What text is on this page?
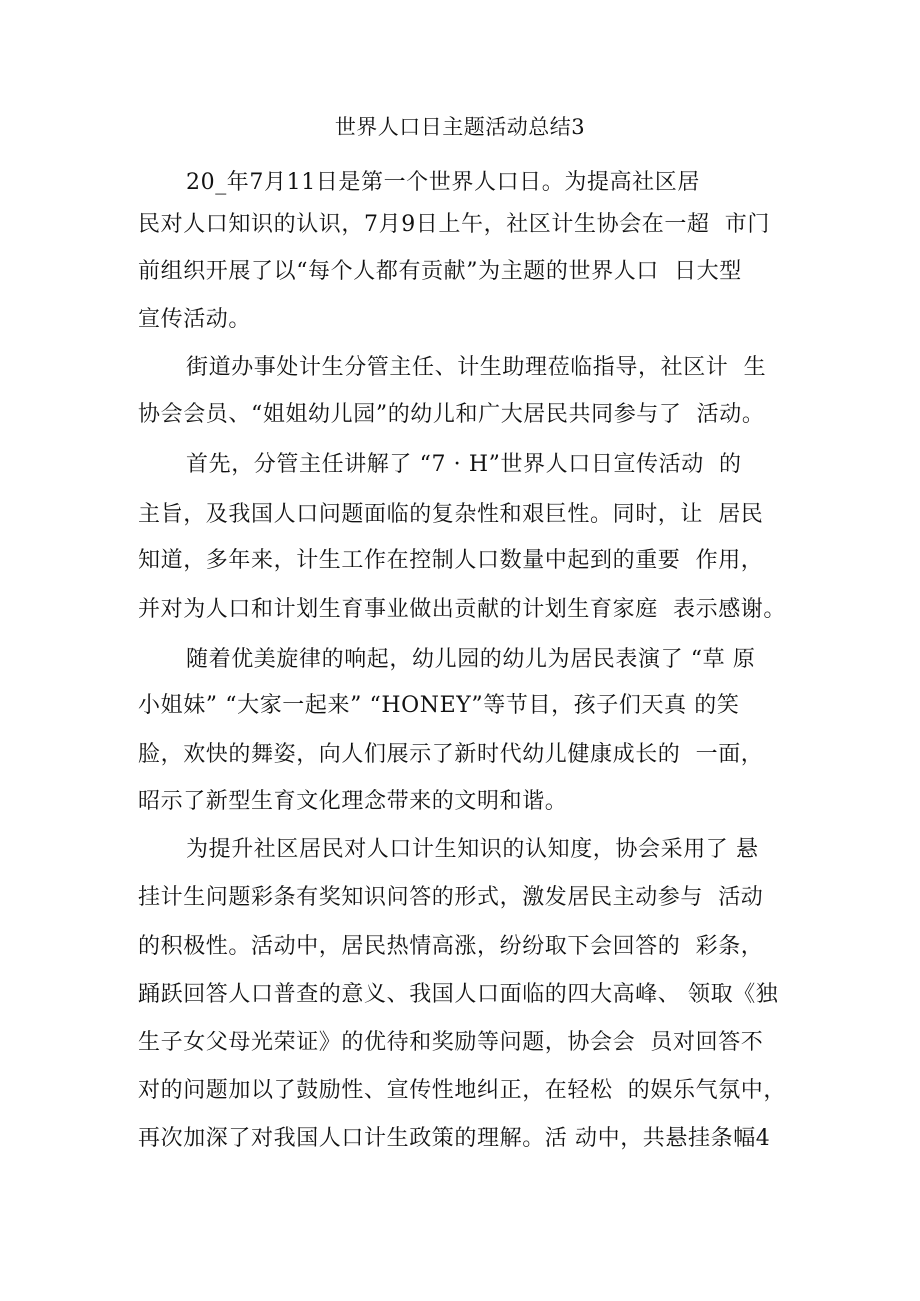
世界人口日主题活动总结3
20_年7月11日是第一个世界人口日。为提高社区居
民对人口知识的认识，7月9日上午，社区计生协会在一超  市门
前组织开展了以“每个人都有贡献”为主题的世界人口  日大型
宣传活动。
街道办事处计生分管主任、计生助理莅临指导，社区计  生
协会会员、“姐姐幼儿园”的幼儿和广大居民共同参与了  活动。
首先，分管主任讲解了 “7 · H”世界人口日宣传活动  的
主旨，及我国人口问题面临的复杂性和艰巨性。同时，让  居民
知道，多年来，计生工作在控制人口数量中起到的重要  作用，
并对为人口和计划生育事业做出贡献的计划生育家庭  表示感谢。
随着优美旋律的响起，幼儿园的幼儿为居民表演了 “草 原
小姐妹” “大家一起来” “HONEY”等节目，孩子们天真 的笑
脸，欢快的舞姿，向人们展示了新时代幼儿健康成长的  一面，
昭示了新型生育文化理念带来的文明和谐。
为提升社区居民对人口计生知识的认知度，协会采用了 悬
挂计生问题彩条有奖知识问答的形式，激发居民主动参与  活动
的积极性。活动中，居民热情高涨，纷纷取下会回答的  彩条，
踊跃回答人口普查的意义、我国人口面临的四大高峰、 领取《独
生子女父母光荣证》的优待和奖励等问题，协会会  员对回答不
对的问题加以了鼓励性、宣传性地纠正，在轻松  的娱乐气氛中，
再次加深了对我国人口计生政策的理解。活 动中，共悬挂条幅4
